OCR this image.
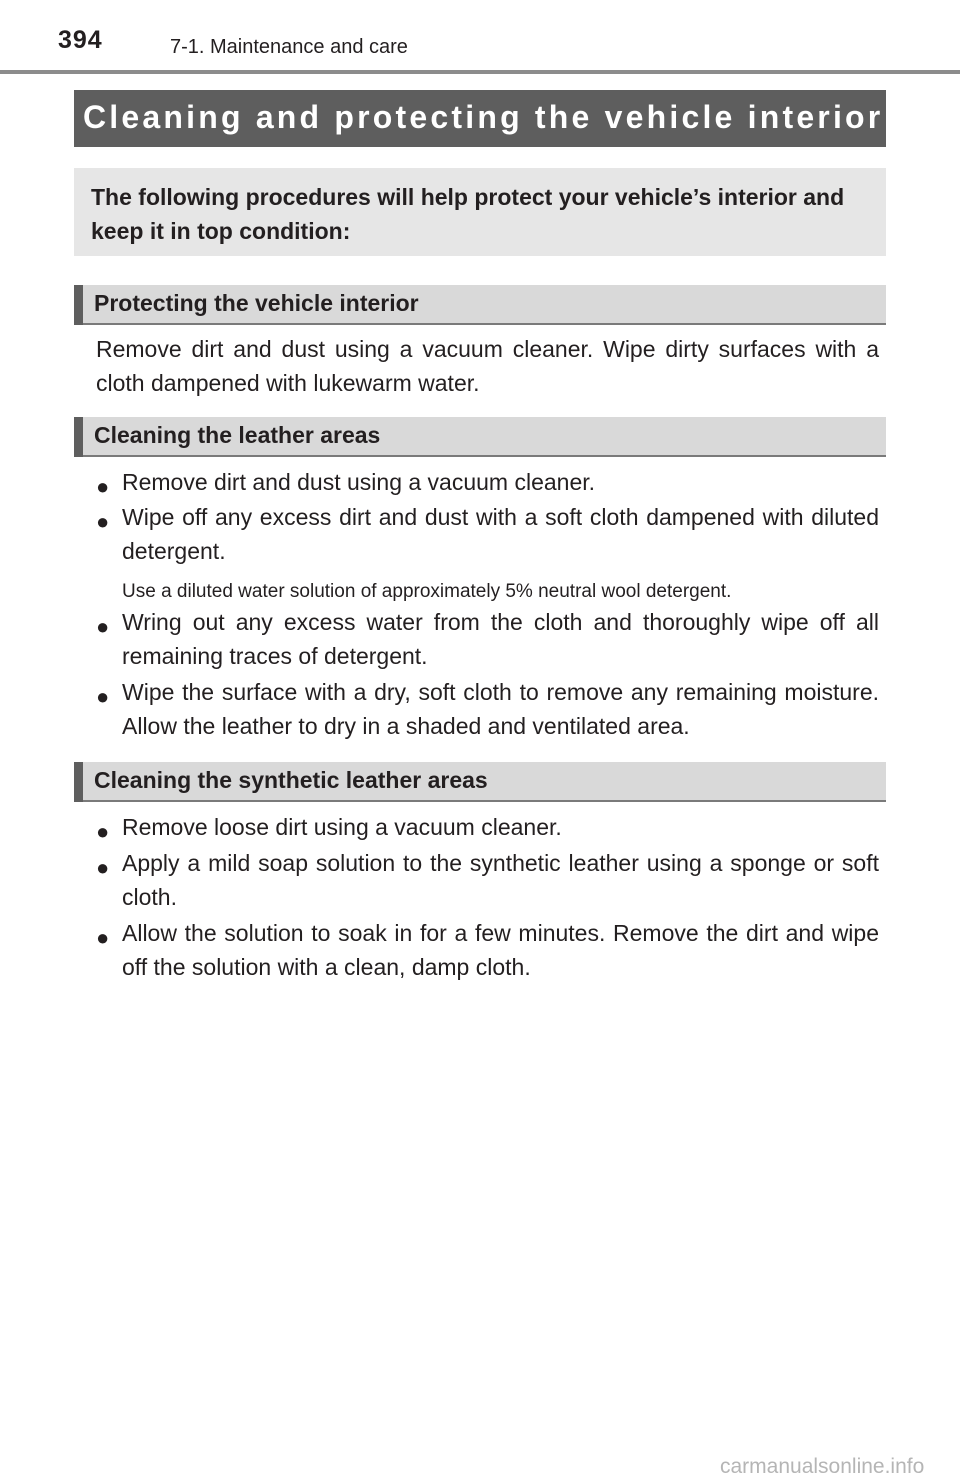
394	7-1. Maintenance and care
Cleaning and protecting the vehicle interior

The following procedures will help protect your vehicle’s interior and keep it in top condition:

Protecting the vehicle interior

Remove dirt and dust using a vacuum cleaner. Wipe dirty surfaces with a cloth dampened with lukewarm water.

Cleaning the leather areas
● Remove dirt and dust using a vacuum cleaner.
● Wipe off any excess dirt and dust with a soft cloth dampened with diluted detergent.
Use a diluted water solution of approximately 5% neutral wool detergent.
● Wring out any excess water from the cloth and thoroughly wipe off all remaining traces of detergent.
● Wipe the surface with a dry, soft cloth to remove any remaining moisture. Allow the leather to dry in a shaded and ventilated area.
Cleaning the synthetic leather areas
● Remove loose dirt using a vacuum cleaner.
● Apply a mild soap solution to the synthetic leather using a sponge or soft cloth.
● Allow the solution to soak in for a few minutes. Remove the dirt and wipe off the solution with a clean, damp cloth.
carmanualsonline.info
